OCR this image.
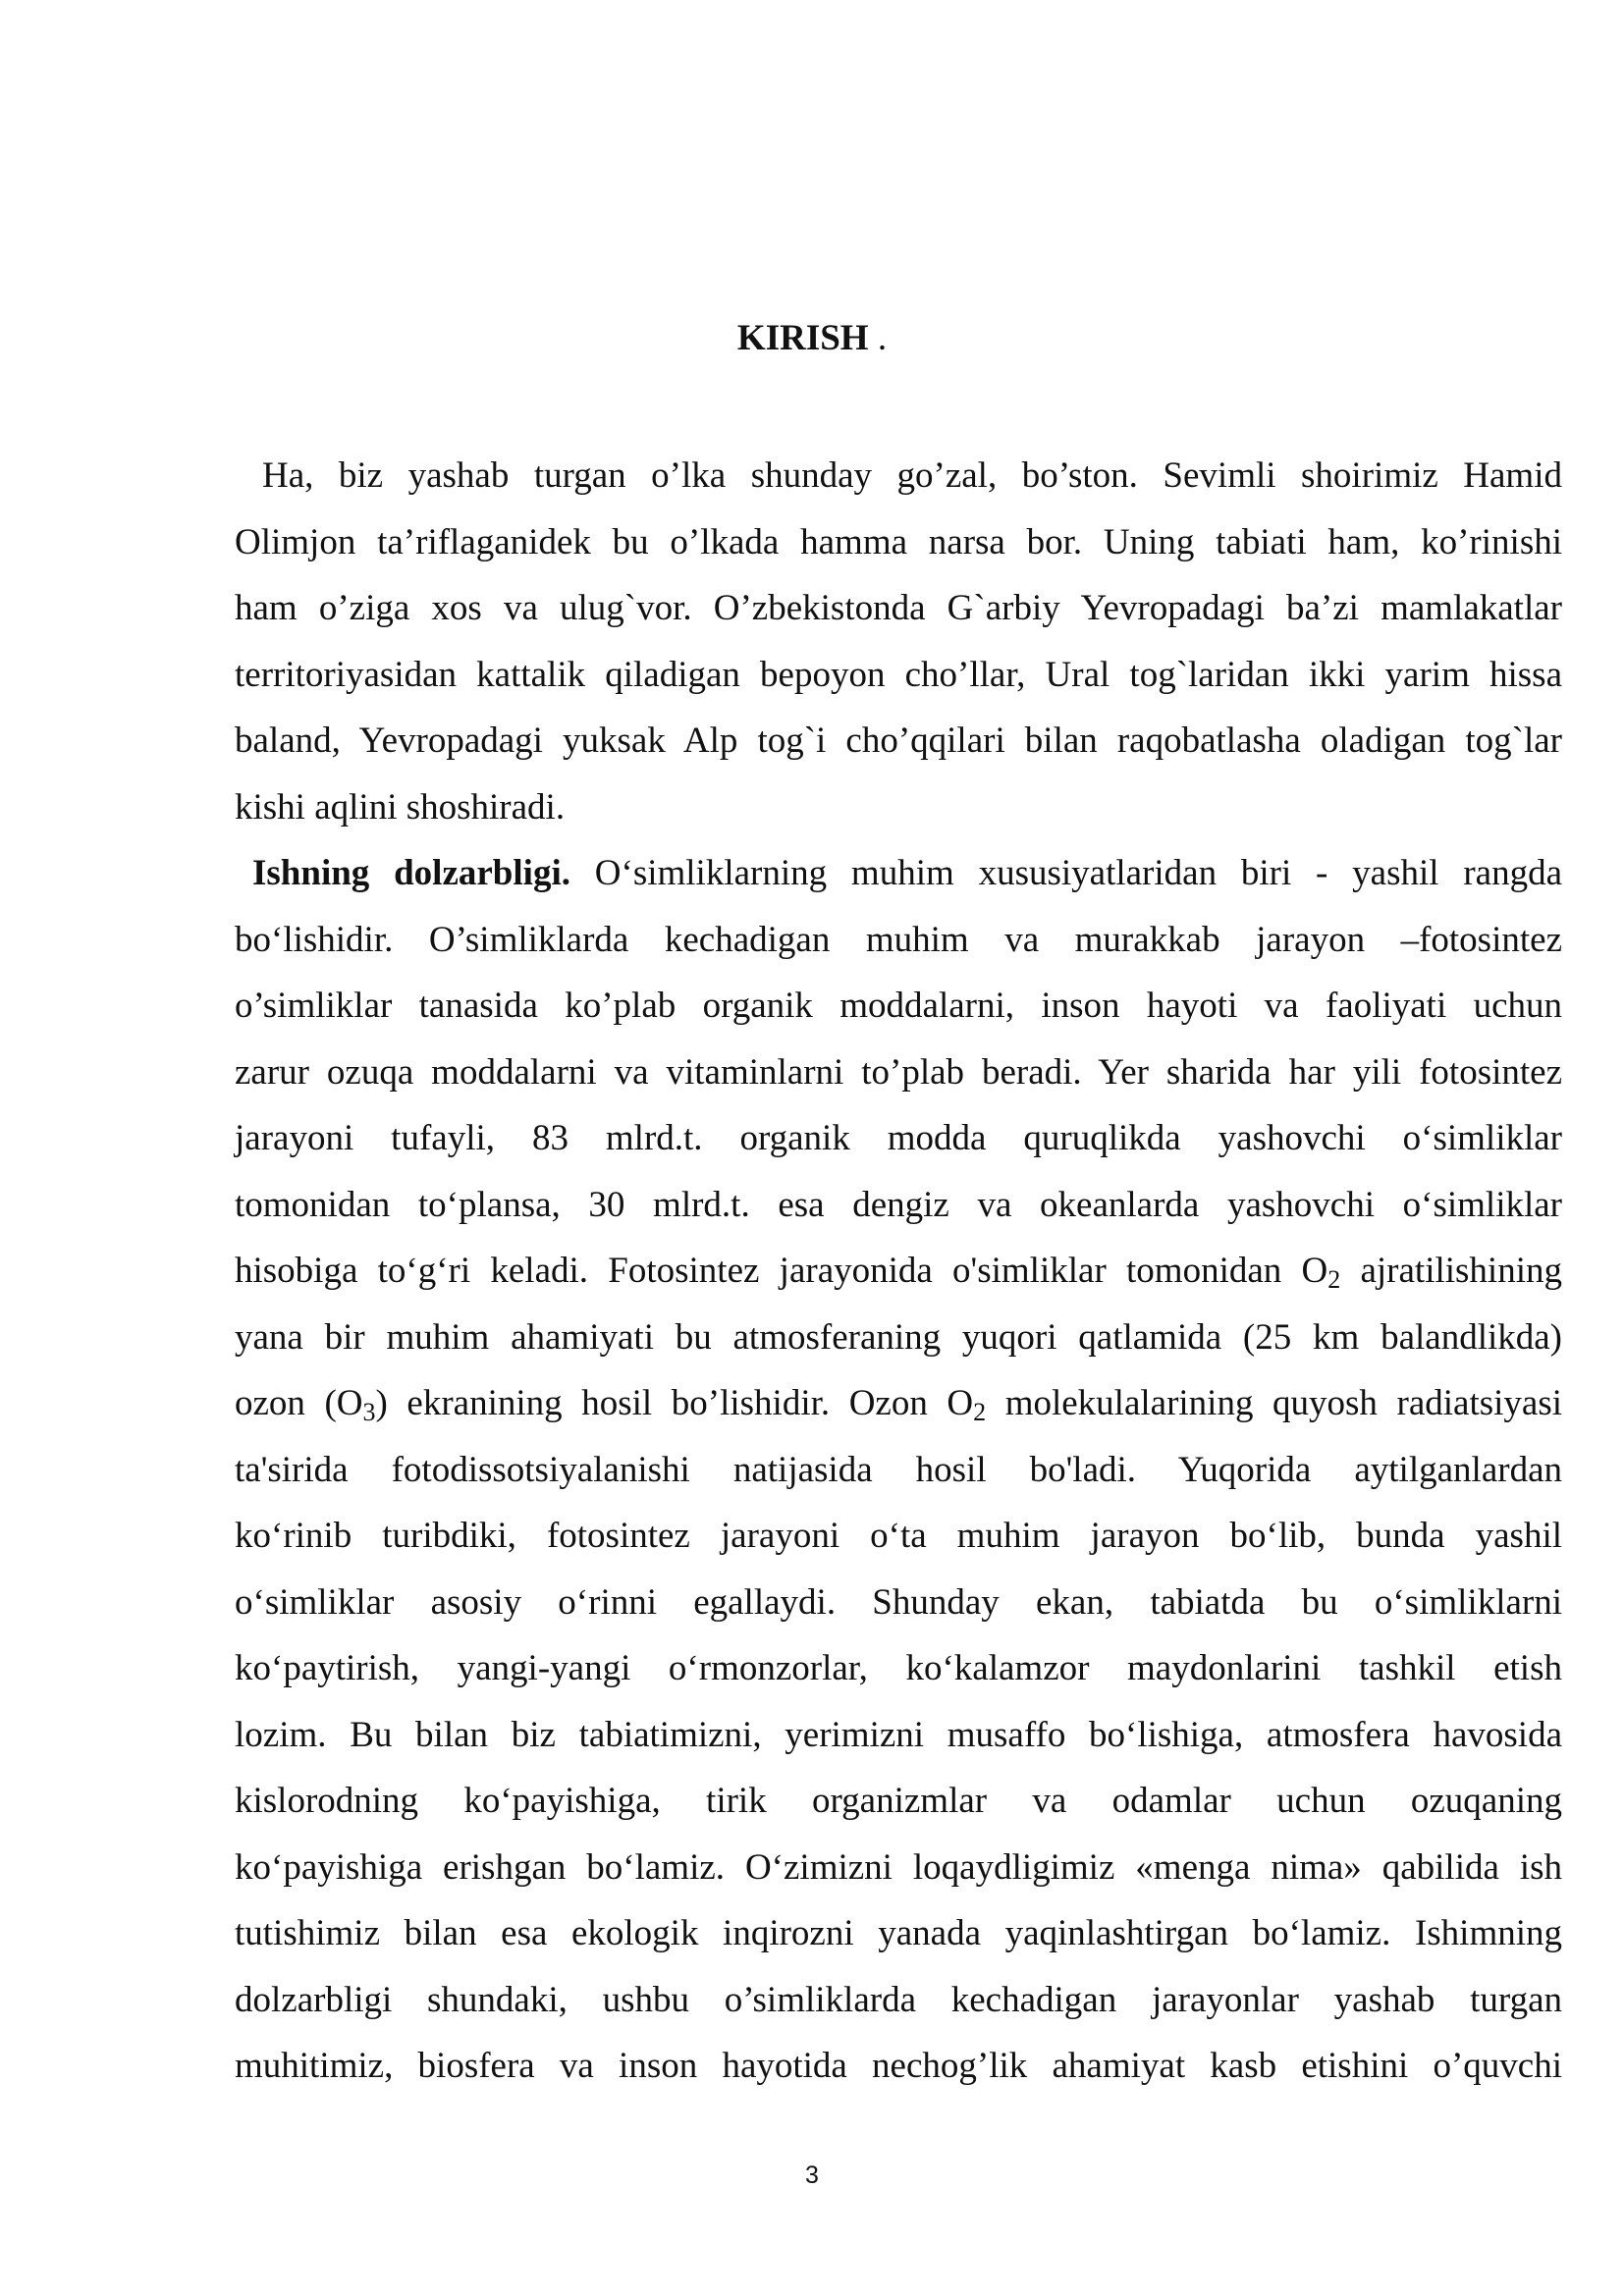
KIRISH .
Ha, biz yashab turgan o’lka shunday go’zal, bo’ston. Sevimli shoirimiz Hamid
Olimjon ta’riflaganidek bu o’lkada hamma narsa bor. Uning tabiati ham, ko’rinishi
ham o’ziga xos va ulug`vor. O’zbekistonda G`arbiy Yevropadagi ba’zi mamlakatlar
territoriyasidan kattalik qiladigan bepoyon cho’llar, Ural tog`laridan ikki yarim hissa
baland, Yevropadagi yuksak Alp tog`i cho’qqilari bilan raqobatlasha oladigan tog`lar
kishi aqlini shoshiradi.
Ishning dolzarbligi. O‘simliklarning muhim xususiyatlaridan biri - yashil rangda
bo‘lishidir. O’simliklarda kechadigan muhim va murakkab jarayon –fotosintez
o’simliklar tanasida ko’plab organik moddalarni, inson hayoti va faoliyati uchun
zarur ozuqa moddalarni va vitaminlarni to’plab beradi. Yer sharida har yili fotosintez
jarayoni tufayli, 83 mlrd.t. organik modda quruqlikda yashovchi o‘simliklar
tomonidan to‘plansa, 30 mlrd.t. esa dengiz va okeanlarda yashovchi o‘simliklar
hisobiga to‘g‘ri keladi. Fotosintez jarayonida o'simliklar tomonidan $O_2$ ajratilishining
yana bir muhim ahamiyati bu atmosferaning yuqori qatlamida (25 km balandlikda)
ozon $(O_3)$ ekranining hosil bo’lishidir. Ozon $O_2$ molekulalarining quyosh radiatsiyasi
ta'sirida fotodissotsiyalanishi natijasida hosil bo'ladi. Yuqorida aytilganlardan
ko‘rinib turibdiki, fotosintez jarayoni o‘ta muhim jarayon bo‘lib, bunda yashil
o‘simliklar asosiy o‘rinni egallaydi. Shunday ekan, tabiatda bu o‘simliklarni
ko‘paytirish, yangi-yangi o‘rmonzorlar, ko‘kalamzor maydonlarini tashkil etish
lozim. Bu bilan biz tabiatimizni, yerimizni musaffo bo‘lishiga, atmosfera havosida
kislorodning ko‘payishiga, tirik organizmlar va odamlar uchun ozuqaning
ko‘payishiga erishgan bo‘lamiz. O‘zimizni loqaydligimiz «menga nima» qabilida ish
tutishimiz bilan esa ekologik inqirozni yanada yaqinlashtirgan bo‘lamiz. Ishimning
dolzarbligi shundaki, ushbu o’simliklarda kechadigan jarayonlar yashab turgan
muhitimiz, biosfera va inson hayotida nechog’lik ahamiyat kasb etishini o’quvchi
3
